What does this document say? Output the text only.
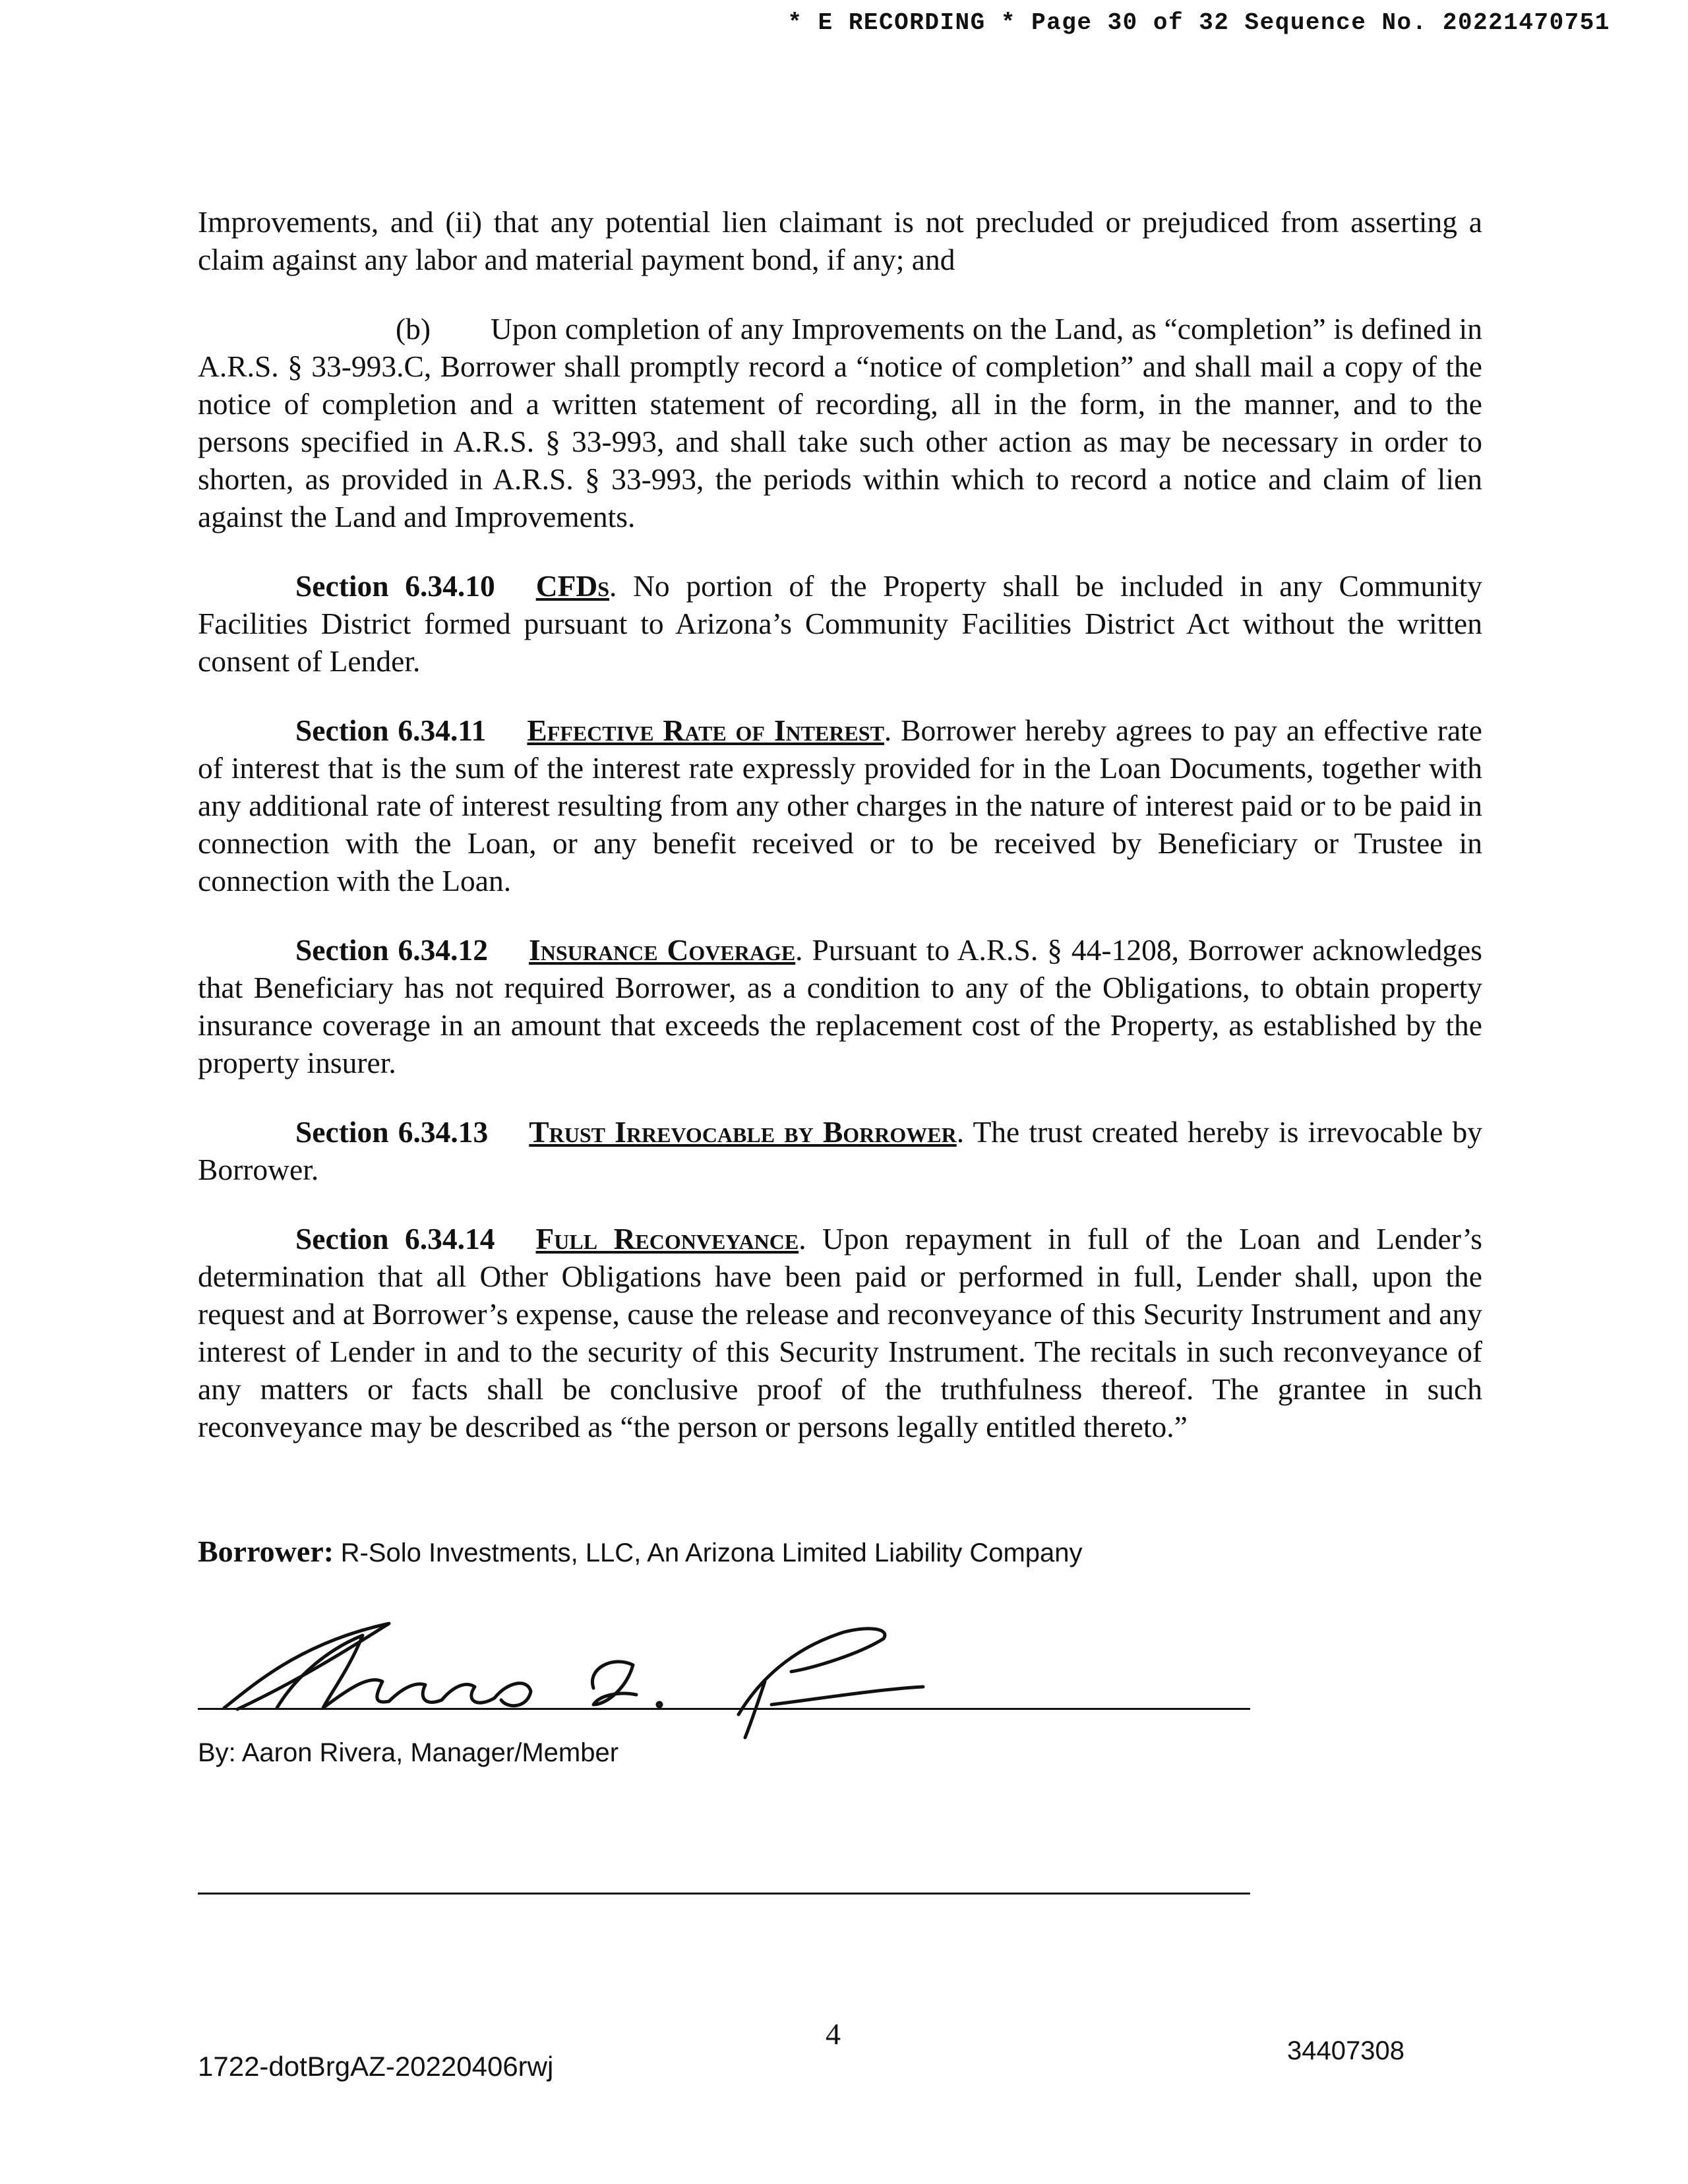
* E RECORDING * Page 30 of 32 Sequence No. 20221470751

Improvements, and (ii) that any potential lien claimant is not precluded or prejudiced from asserting a claim against any labor and material payment bond, if any; and

(b)  Upon completion of any Improvements on the Land, as “completion” is defined in A.R.S. § 33-993.C, Borrower shall promptly record a “notice of completion” and shall mail a copy of the notice of completion and a written statement of recording, all in the form, in the manner, and to the persons specified in A.R.S. § 33-993, and shall take such other action as may be necessary in order to shorten, as provided in A.R.S. § 33-993, the periods within which to record a notice and claim of lien against the Land and Improvements.

Section 6.34.10 CFDs. No portion of the Property shall be included in any Community Facilities District formed pursuant to Arizona’s Community Facilities District Act without the written consent of Lender.

Section 6.34.11 Effective Rate of Interest. Borrower hereby agrees to pay an effective rate of interest that is the sum of the interest rate expressly provided for in the Loan Documents, together with any additional rate of interest resulting from any other charges in the nature of interest paid or to be paid in connection with the Loan, or any benefit received or to be received by Beneficiary or Trustee in connection with the Loan.

Section 6.34.12 Insurance Coverage. Pursuant to A.R.S. § 44-1208, Borrower acknowledges that Beneficiary has not required Borrower, as a condition to any of the Obligations, to obtain property insurance coverage in an amount that exceeds the replacement cost of the Property, as established by the property insurer.

Section 6.34.13 Trust Irrevocable by Borrower. The trust created hereby is irrevocable by Borrower.

Section 6.34.14 Full Reconveyance. Upon repayment in full of the Loan and Lender’s determination that all Other Obligations have been paid or performed in full, Lender shall, upon the request and at Borrower’s expense, cause the release and reconveyance of this Security Instrument and any interest of Lender in and to the security of this Security Instrument. The recitals in such reconveyance of any matters or facts shall be conclusive proof of the truthfulness thereof. The grantee in such reconveyance may be described as “the person or persons legally entitled thereto.”

Borrower: R-Solo Investments, LLC, An Arizona Limited Liability Company
By: Aaron Rivera, Manager/Member
4
1722-dotBrgAZ-20220406rwj	34407308
